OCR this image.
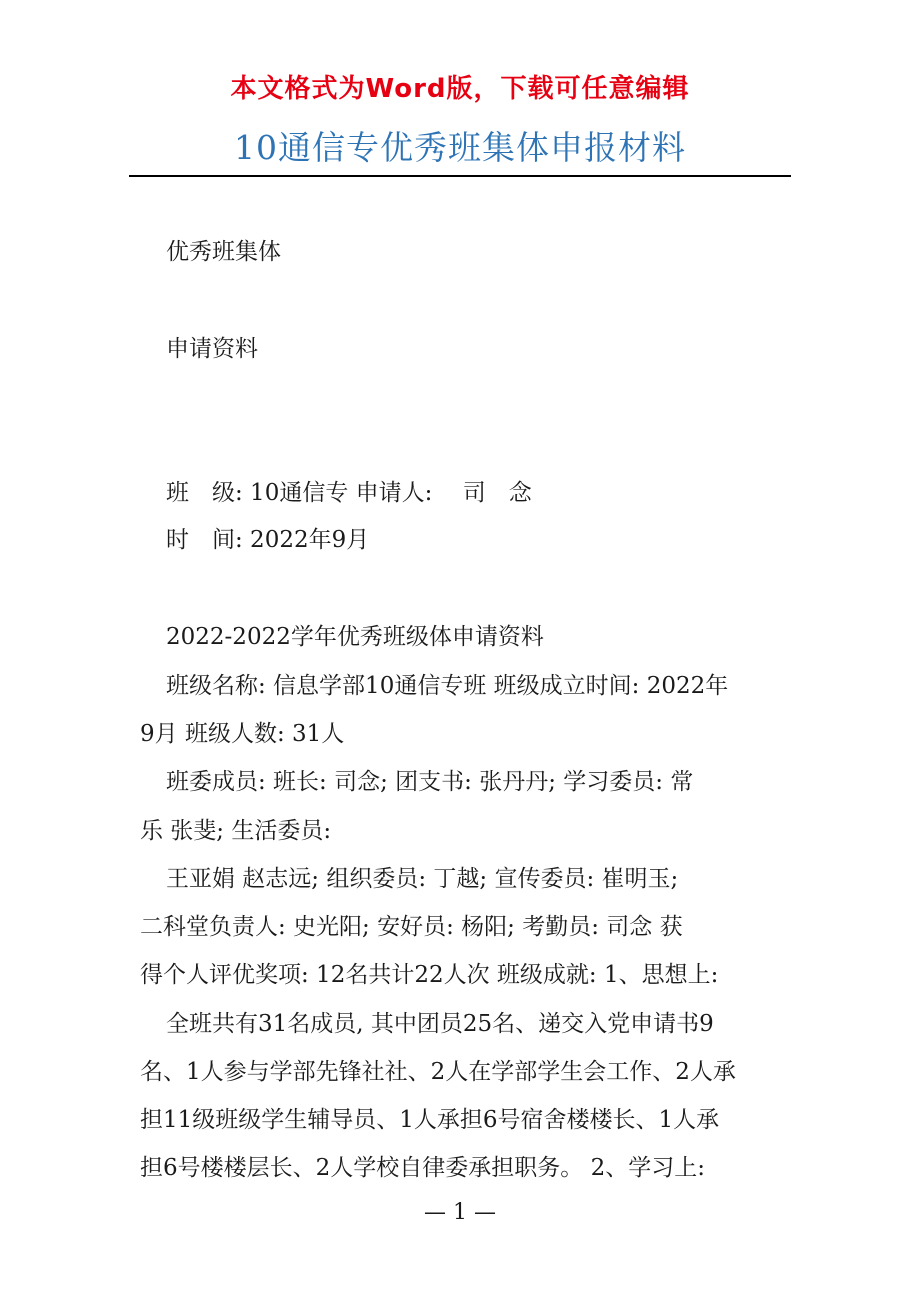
本文格式为Word版，下载可任意编辑
10通信专优秀班集体申报材料
优秀班集体
申请资料
班　级: 10通信专 申请人:　 司　念
时　间: 2022年9月
2022-2022学年优秀班级体申请资料
班级名称: 信息学部10通信专班 班级成立时间: 2022年
9月 班级人数: 31人
班委成员: 班长: 司念; 团支书: 张丹丹; 学习委员: 常
乐 张斐; 生活委员:
王亚娟 赵志远; 组织委员: 丁越; 宣传委员: 崔明玉;
二科堂负责人: 史光阳; 安好员: 杨阳; 考勤员: 司念 获
得个人评优奖项: 12名共计22人次 班级成就: 1、思想上:
全班共有31名成员, 其中团员25名、递交入党申请书9
名、1人参与学部先锋社社、2人在学部学生会工作、2人承
担11级班级学生辅导员、1人承担6号宿舍楼楼长、1人承
担6号楼楼层长、2人学校自律委承担职务。 2、学习上:
— 1 —
